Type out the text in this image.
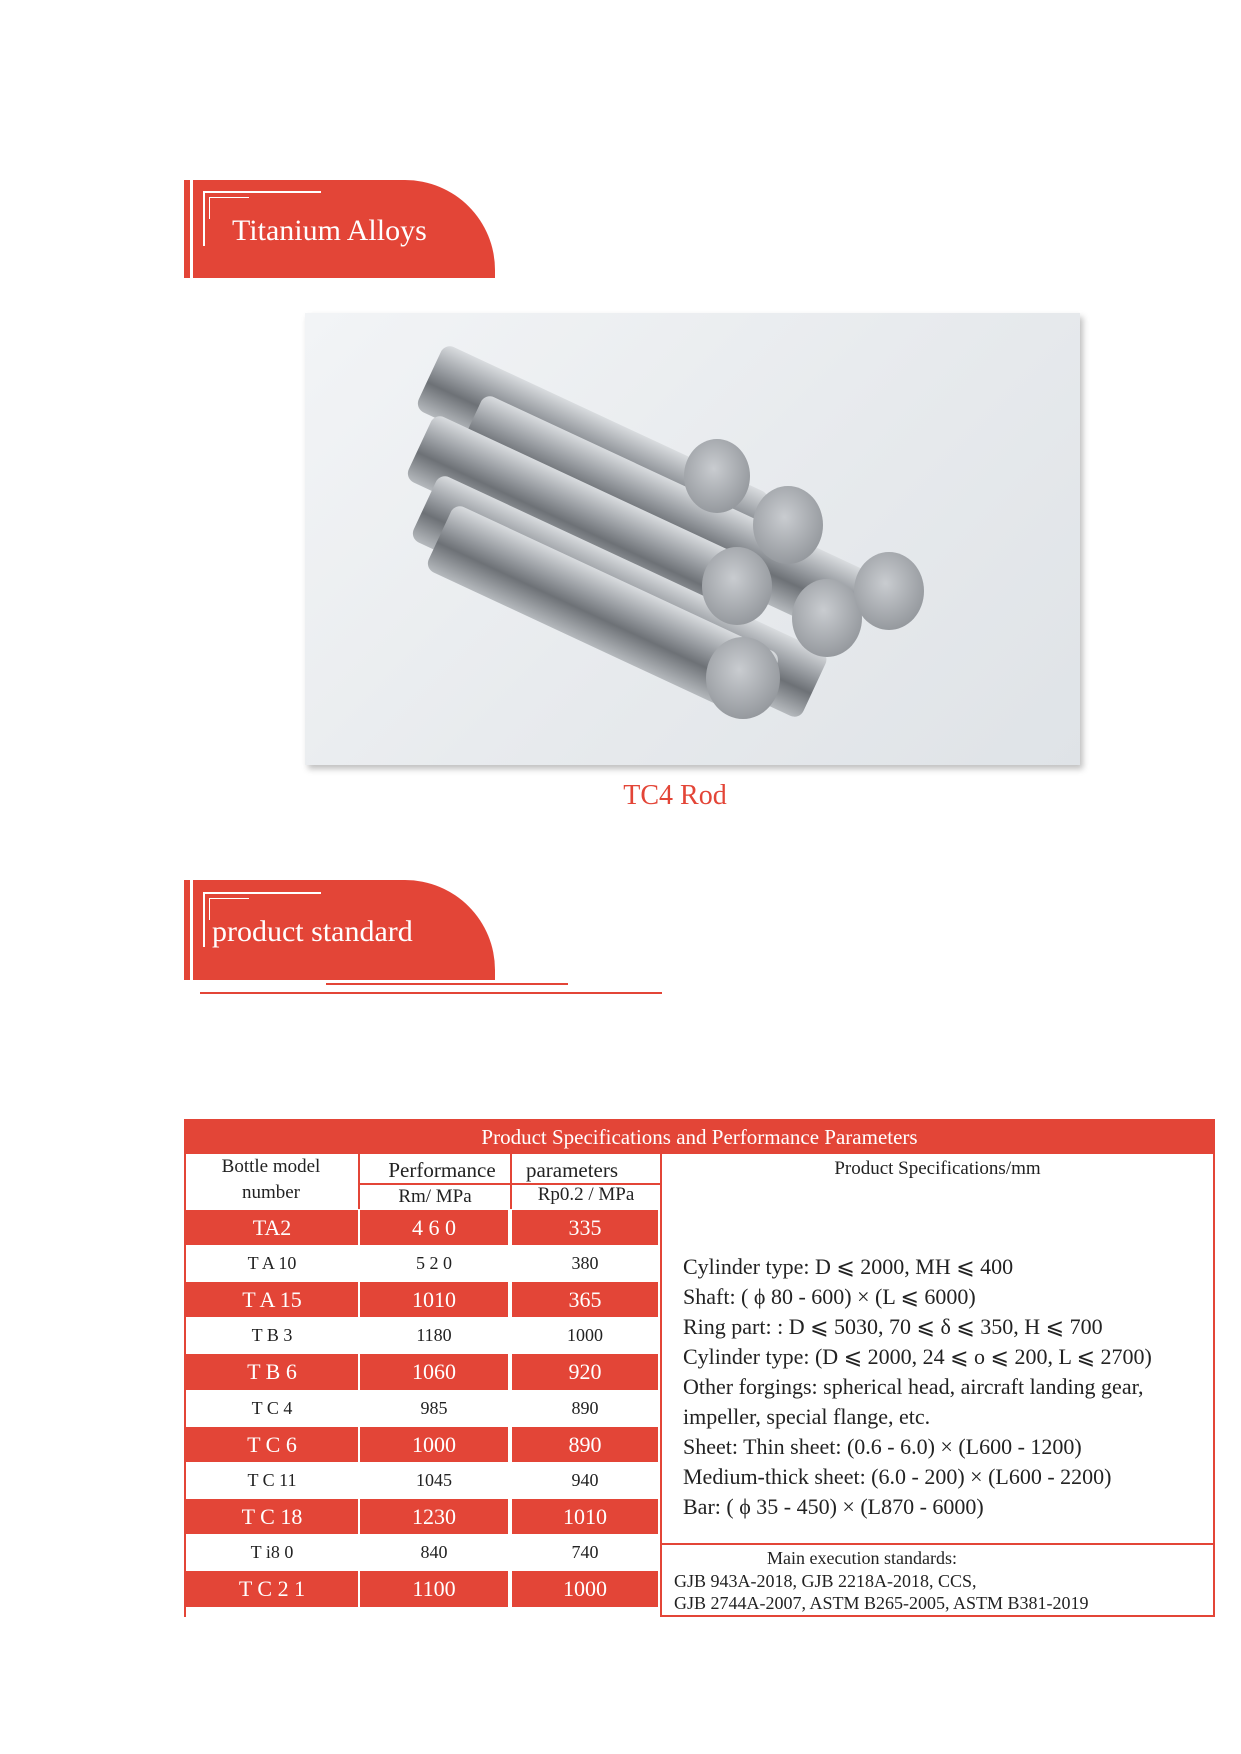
Titanium Alloys
TC4 Rod
product standard
Product Specifications and Performance Parameters
Bottle model
number
Performance	parameters
Rm/ MPa	Rp0.2 / MPa
Product Specifications/mm
TA2	4 6 0	335
T A 10	5 2 0	380
T A 15	1010	365
T B 3	1180	1000
T B 6	1060	920
T C 4	985	890
T C 6	1000	890
T C 11	1045	940
T C 18	1230	1010
T i8 0	840	740
T C 2 1	1100	1000
Cylinder type: D ⩽ 2000, MH ⩽ 400
Shaft: ( ϕ 80 - 600) × (L ⩽ 6000)
Ring part: : D ⩽ 5030, 70 ⩽ δ ⩽ 350, H ⩽ 700
Cylinder type: (D ⩽ 2000, 24 ⩽ o ⩽ 200, L ⩽ 2700)
Other forgings: spherical head, aircraft landing gear,
impeller, special flange, etc.
Sheet: Thin sheet: (0.6 - 6.0) × (L600 - 1200)
Medium-thick sheet: (6.0 - 200) × (L600 - 2200)
Bar: ( ϕ 35 - 450) × (L870 - 6000)
Main execution standards:
GJB 943A-2018, GJB 2218A-2018, CCS,
GJB 2744A-2007, ASTM B265-2005, ASTM B381-2019
